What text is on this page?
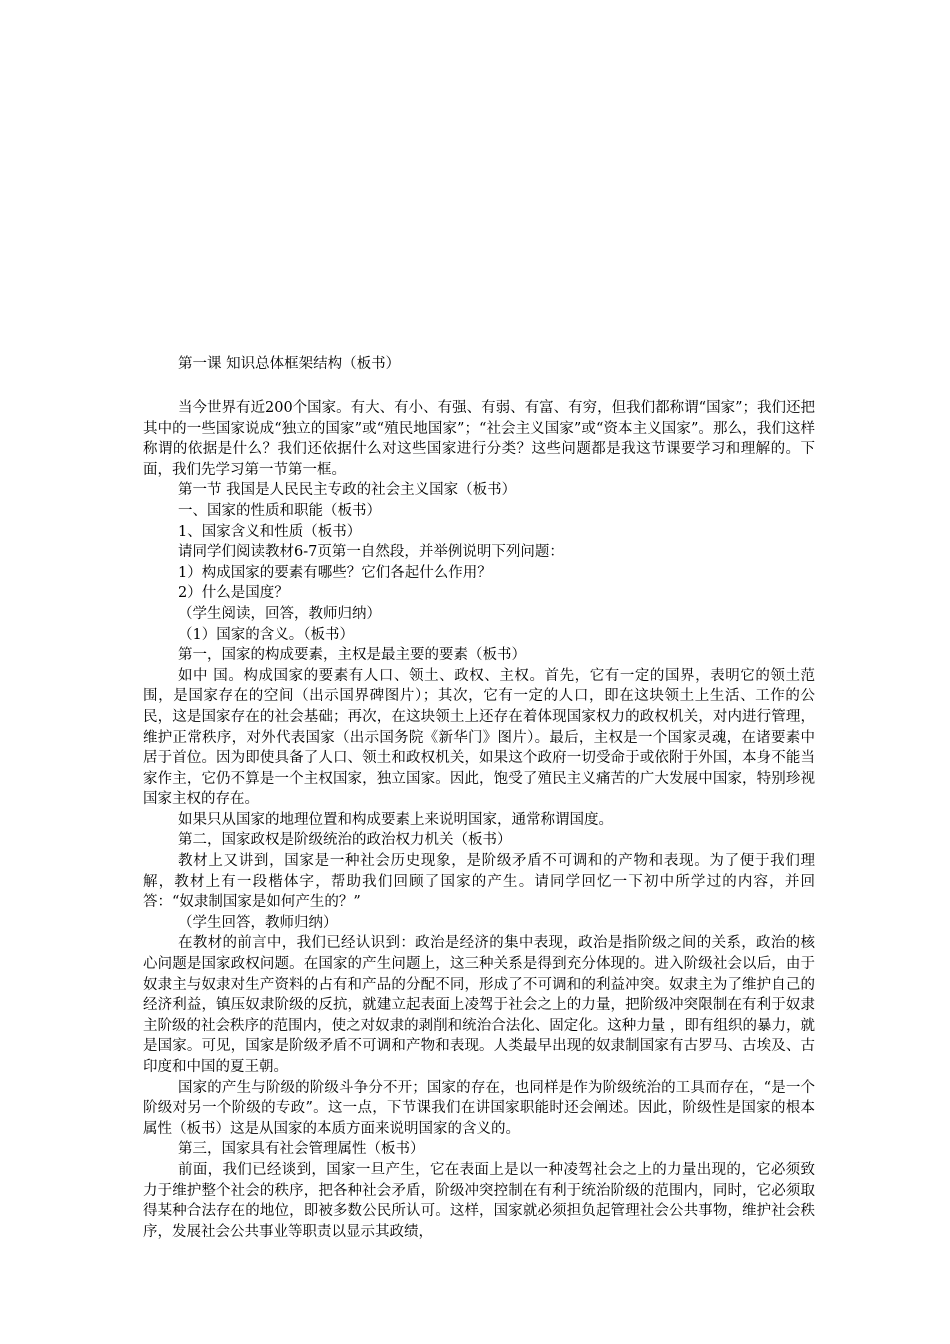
第一课 知识总体框架结构（板书）

当今世界有近200个国家。有大、有小、有强、有弱、有富、有穷，但我们都称谓“国家”；我们还把其中的一些国家说成“独立的国家”或“殖民地国家”；“社会主义国家”或“资本主义国家”。那么，我们这样称谓的依据是什么？我们还依据什么对这些国家进行分类？这些问题都是我这节课要学习和理解的。下面，我们先学习第一节第一框。

第一节 我国是人民民主专政的社会主义国家（板书）

一、国家的性质和职能（板书）

1、国家含义和性质（板书）

请同学们阅读教材6-7页第一自然段，并举例说明下列问题：

1）构成国家的要素有哪些？它们各起什么作用？

2）什么是国度？

（学生阅读，回答，教师归纳）

（1）国家的含义。（板书）

第一，国家的构成要素，主权是最主要的要素（板书）

如中 国。构成国家的要素有人口、领土、政权、主权。首先，它有一定的国界，表明它的领土范围，是国家存在的空间（出示国界碑图片）；其次，它有一定的人口，即在这块领土上生活、工作的公民，这是国家存在的社会基础；再次，在这块领土上还存在着体现国家权力的政权机关，对内进行管理，维护正常秩序，对外代表国家（出示国务院《新华门》图片）。最后，主权是一个国家灵魂，在诸要素中居于首位。因为即使具备了人口、领土和政权机关，如果这个政府一切受命于或依附于外国，本身不能当家作主，它仍不算是一个主权国家，独立国家。因此，饱受了殖民主义痛苦的广大发展中国家，特别珍视国家主权的存在。

如果只从国家的地理位置和构成要素上来说明国家，通常称谓国度。

第二，国家政权是阶级统治的政治权力机关（板书）

教材上又讲到，国家是一种社会历史现象，是阶级矛盾不可调和的产物和表现。为了便于我们理解，教材上有一段楷体字，帮助我们回顾了国家的产生。请同学回忆一下初中所学过的内容，并回答：“奴隶制国家是如何产生的？”

（学生回答，教师归纳）

在教材的前言中，我们已经认识到：政治是经济的集中表现，政治是指阶级之间的关系，政治的核心问题是国家政权问题。在国家的产生问题上，这三种关系是得到充分体现的。进入阶级社会以后，由于奴隶主与奴隶对生产资料的占有和产品的分配不同，形成了不可调和的利益冲突。奴隶主为了维护自己的经济利益，镇压奴隶阶级的反抗，就建立起表面上凌驾于社会之上的力量，把阶级冲突限制在有利于奴隶主阶级的社会秩序的范围内，使之对奴隶的剥削和统治合法化、固定化。这种力量 ，即有组织的暴力，就是国家。可见，国家是阶级矛盾不可调和产物和表现。人类最早出现的奴隶制国家有古罗马、古埃及、古印度和中国的夏王朝。

国家的产生与阶级的阶级斗争分不开；国家的存在，也同样是作为阶级统治的工具而存在，“是一个阶级对另一个阶级的专政”。这一点，下节课我们在讲国家职能时还会阐述。因此，阶级性是国家的根本属性（板书）这是从国家的本质方面来说明国家的含义的。

第三，国家具有社会管理属性（板书）

前面，我们已经谈到，国家一旦产生，它在表面上是以一种凌驾社会之上的力量出现的，它必须致力于维护整个社会的秩序，把各种社会矛盾，阶级冲突控制在有利于统治阶级的范围内，同时，它必须取得某种合法存在的地位，即被多数公民所认可。这样，国家就必须担负起管理社会公共事物，维护社会秩序，发展社会公共事业等职责以显示其政绩，
